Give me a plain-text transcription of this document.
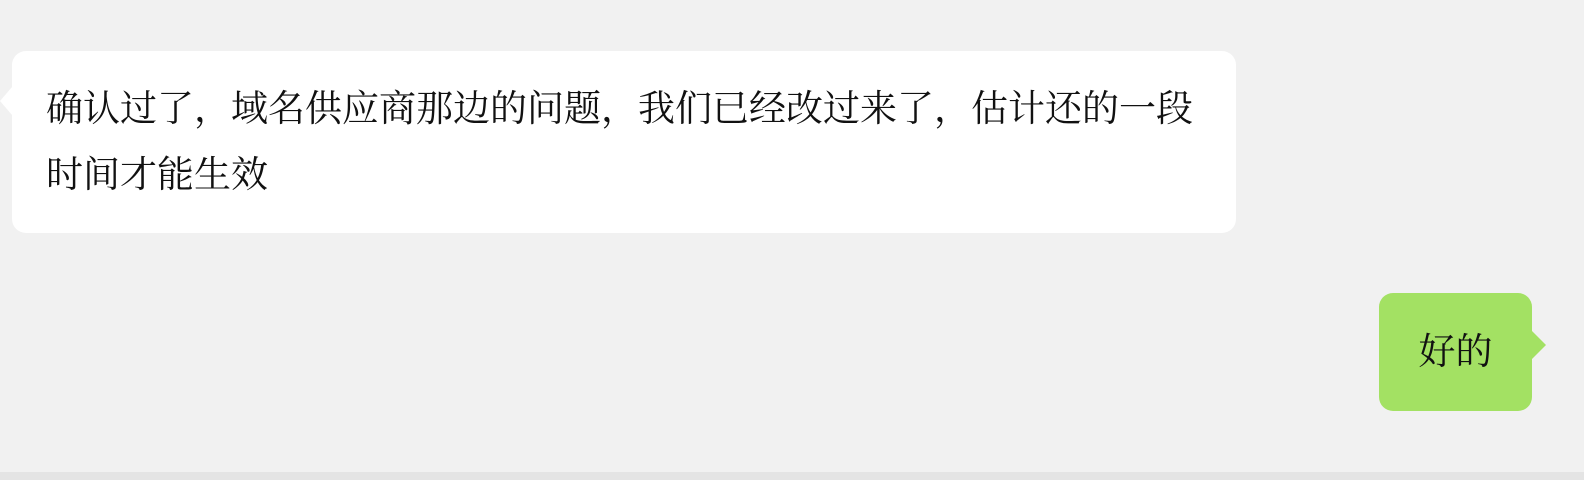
确认过了，域名供应商那边的问题，我们已经改过来了，估计还的一段时间才能生效
好的
